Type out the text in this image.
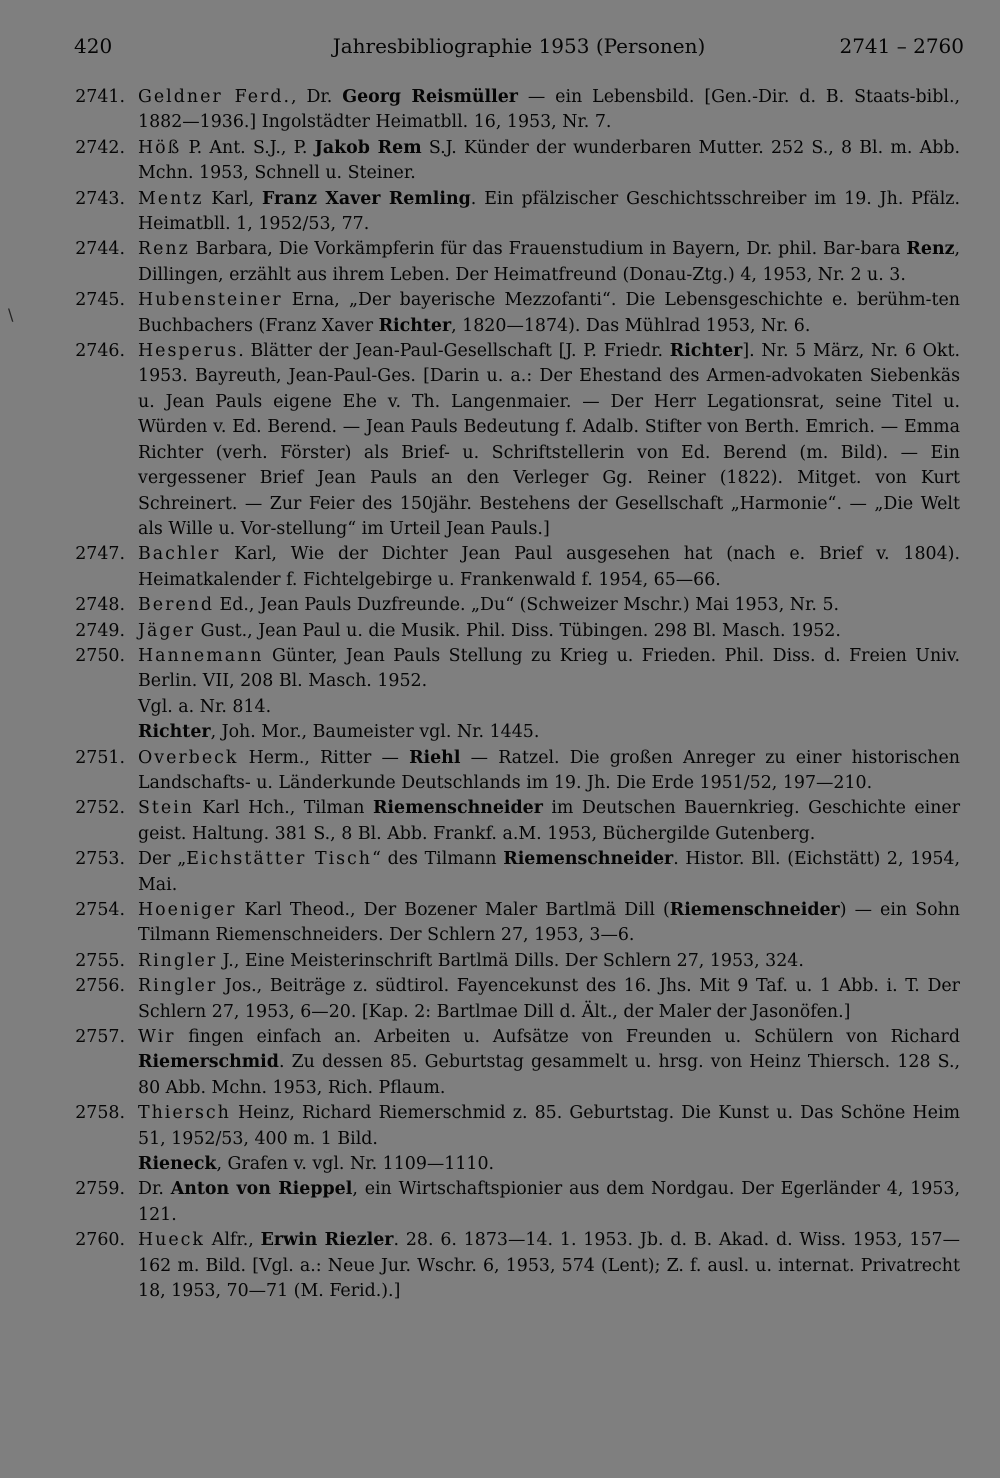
420	Jahresbibliographie 1953 (Personen)	2741 – 2760
\
2741. Geldner Ferd., Dr. Georg Reismüller — ein Lebensbild. [Gen.-Dir. d. B. Staats-bibl., 1882—1936.] Ingolstädter Heimatbll. 16, 1953, Nr. 7.
2742. Höß P. Ant. S.J., P. Jakob Rem S.J. Künder der wunderbaren Mutter. 252 S., 8 Bl. m. Abb. Mchn. 1953, Schnell u. Steiner.
2743. Mentz Karl, Franz Xaver Remling. Ein pfälzischer Geschichtsschreiber im 19. Jh. Pfälz. Heimatbll. 1, 1952/53, 77.
2744. Renz Barbara, Die Vorkämpferin für das Frauenstudium in Bayern, Dr. phil. Bar-bara Renz, Dillingen, erzählt aus ihrem Leben. Der Heimatfreund (Donau-Ztg.) 4, 1953, Nr. 2 u. 3.
2745. Hubensteiner Erna, „Der bayerische Mezzofanti“. Die Lebensgeschichte e. berühm-ten Buchbachers (Franz Xaver Richter, 1820—1874). Das Mühlrad 1953, Nr. 6.
2746. Hesperus. Blätter der Jean-Paul-Gesellschaft [J. P. Friedr. Richter]. Nr. 5 März, Nr. 6 Okt. 1953. Bayreuth, Jean-Paul-Ges. [Darin u. a.: Der Ehestand des Armen-advokaten Siebenkäs u. Jean Pauls eigene Ehe v. Th. Langenmaier. — Der Herr Legationsrat, seine Titel u. Würden v. Ed. Berend. — Jean Pauls Bedeutung f. Adalb. Stifter von Berth. Emrich. — Emma Richter (verh. Förster) als Brief- u. Schriftstellerin von Ed. Berend (m. Bild). — Ein vergessener Brief Jean Pauls an den Verleger Gg. Reiner (1822). Mitget. von Kurt Schreinert. — Zur Feier des 150jähr. Bestehens der Gesellschaft „Harmonie“. — „Die Welt als Wille u. Vor-stellung“ im Urteil Jean Pauls.]
2747. Bachler Karl, Wie der Dichter Jean Paul ausgesehen hat (nach e. Brief v. 1804). Heimatkalender f. Fichtelgebirge u. Frankenwald f. 1954, 65—66.
2748. Berend Ed., Jean Pauls Duzfreunde. „Du“ (Schweizer Mschr.) Mai 1953, Nr. 5.
2749. Jäger Gust., Jean Paul u. die Musik. Phil. Diss. Tübingen. 298 Bl. Masch. 1952.
2750. Hannemann Günter, Jean Pauls Stellung zu Krieg u. Frieden. Phil. Diss. d. Freien Univ. Berlin. VII, 208 Bl. Masch. 1952.
Vgl. a. Nr. 814.
Richter, Joh. Mor., Baumeister vgl. Nr. 1445.
2751. Overbeck Herm., Ritter — Riehl — Ratzel. Die großen Anreger zu einer historischen Landschafts- u. Länderkunde Deutschlands im 19. Jh. Die Erde 1951/52, 197—210.
2752. Stein Karl Hch., Tilman Riemenschneider im Deutschen Bauernkrieg. Geschichte einer geist. Haltung. 381 S., 8 Bl. Abb. Frankf. a.M. 1953, Büchergilde Gutenberg.
2753. Der „Eichstätter Tisch“ des Tilmann Riemenschneider. Histor. Bll. (Eichstätt) 2, 1954, Mai.
2754. Hoeniger Karl Theod., Der Bozener Maler Bartlmä Dill (Riemenschneider) — ein Sohn Tilmann Riemenschneiders. Der Schlern 27, 1953, 3—6.
2755. Ringler J., Eine Meisterinschrift Bartlmä Dills. Der Schlern 27, 1953, 324.
2756. Ringler Jos., Beiträge z. südtirol. Fayencekunst des 16. Jhs. Mit 9 Taf. u. 1 Abb. i. T. Der Schlern 27, 1953, 6—20. [Kap. 2: Bartlmae Dill d. Ält., der Maler der Jasonöfen.]
2757. Wir fingen einfach an. Arbeiten u. Aufsätze von Freunden u. Schülern von Richard Riemerschmid. Zu dessen 85. Geburtstag gesammelt u. hrsg. von Heinz Thiersch. 128 S., 80 Abb. Mchn. 1953, Rich. Pflaum.
2758. Thiersch Heinz, Richard Riemerschmid z. 85. Geburtstag. Die Kunst u. Das Schöne Heim 51, 1952/53, 400 m. 1 Bild.
Rieneck, Grafen v. vgl. Nr. 1109—1110.
2759. Dr. Anton von Rieppel, ein Wirtschaftspionier aus dem Nordgau. Der Egerländer 4, 1953, 121.
2760. Hueck Alfr., Erwin Riezler. 28. 6. 1873—14. 1. 1953. Jb. d. B. Akad. d. Wiss. 1953, 157—162 m. Bild. [Vgl. a.: Neue Jur. Wschr. 6, 1953, 574 (Lent); Z. f. ausl. u. internat. Privatrecht 18, 1953, 70—71 (M. Ferid.).]
